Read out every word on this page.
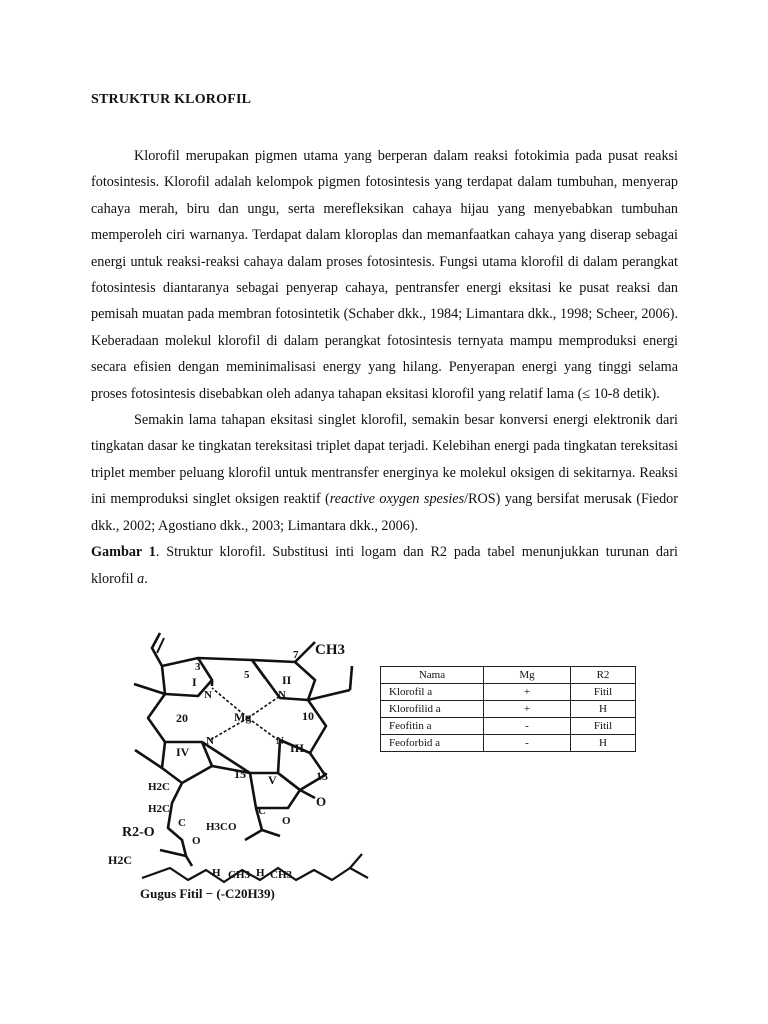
STRUKTUR KLOROFIL

Klorofil merupakan pigmen utama yang berperan dalam reaksi fotokimia pada pusat reaksi fotosintesis. Klorofil adalah kelompok pigmen fotosintesis yang terdapat dalam tumbuhan, menyerap cahaya merah, biru dan ungu, serta merefleksikan cahaya hijau yang menyebabkan tumbuhan memperoleh ciri warnanya. Terdapat dalam kloroplas dan memanfaatkan cahaya yang diserap sebagai energi untuk reaksi-reaksi cahaya dalam proses fotosintesis. Fungsi utama klorofil di dalam perangkat fotosintesis diantaranya sebagai penyerap cahaya, pentransfer energi eksitasi ke pusat reaksi dan pemisah muatan pada membran fotosintetik (Schaber dkk., 1984; Limantara dkk., 1998; Scheer, 2006). Keberadaan molekul klorofil di dalam perangkat fotosintesis ternyata mampu memproduksi energi secara efisien dengan meminimalisasi energy yang hilang. Penyerapan energi yang tinggi selama proses fotosintesis disebabkan oleh adanya tahapan eksitasi klorofil yang relatif lama (≤ 10-8 detik).

Semakin lama tahapan eksitasi singlet klorofil, semakin besar konversi energi elektronik dari tingkatan dasar ke tingkatan tereksitasi triplet dapat terjadi. Kelebihan energi pada tingkatan tereksitasi triplet member peluang klorofil untuk mentransfer energinya ke molekul oksigen di sekitarnya. Reaksi ini memproduksi singlet oksigen reaktif (reactive oxygen spesies/ROS) yang bersifat merusak (Fiedor dkk., 2002; Agostiano dkk., 2003; Limantara dkk., 2006).

Gambar 1. Struktur klorofil. Substitusi inti logam dan R2 pada tabel menunjukkan turunan dari klorofil a.

CH3
3
5
7
10
13
15
20
I	II
III
IV
V
Mg
N	N
N
N
H2C
H2C
C
R2-O
O
H3CO
C
O
O
H2C
H CH3 H CH3
Gugus Fitil − (-C20H39)
Nama	Mg	R2
Klorofil a	+	Fitil
Klorofilid a	+	H
Feofitin a	-	Fitil
Feoforbid a	-	H
